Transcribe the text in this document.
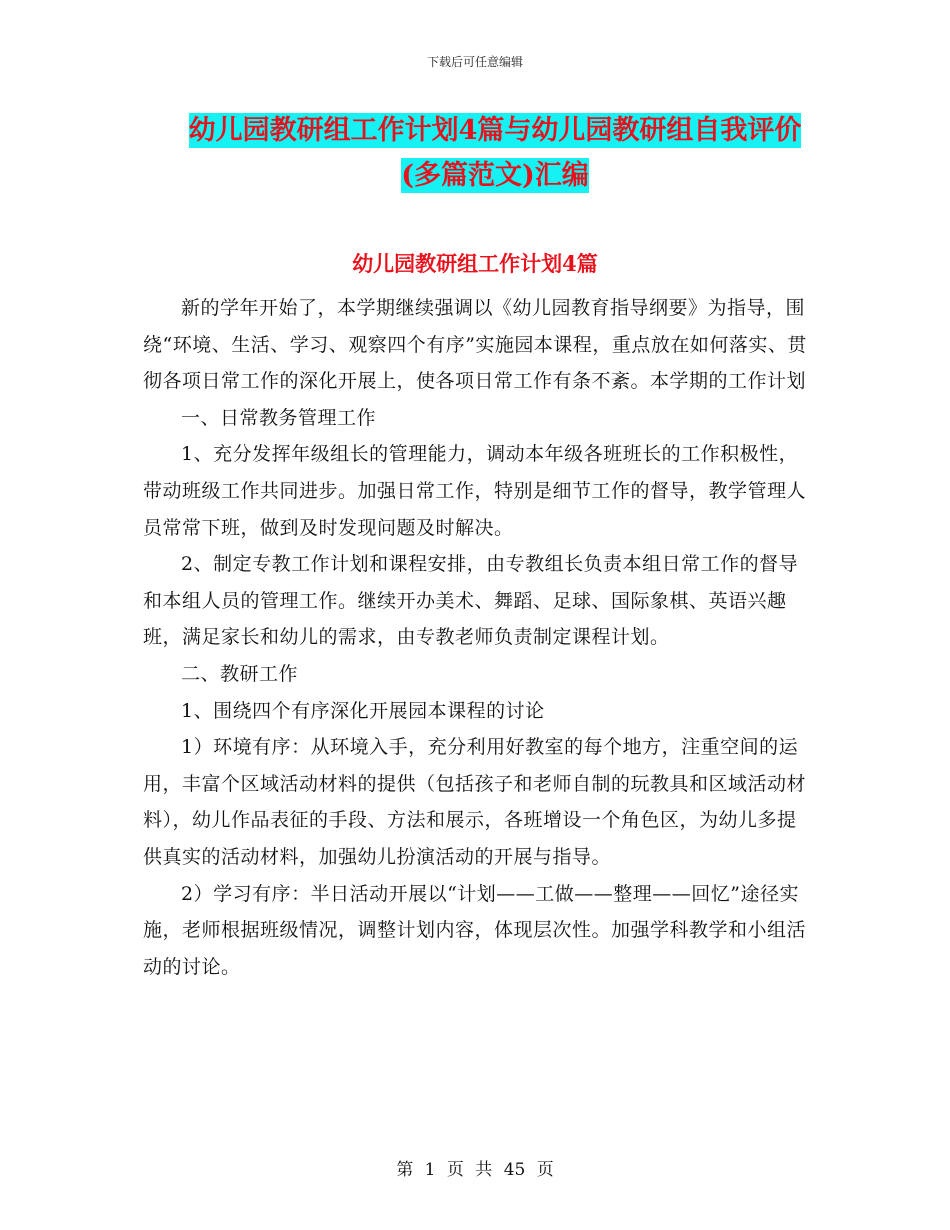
下载后可任意编辑
幼儿园教研组工作计划4篇与幼儿园教研组自我评价
(多篇范文)汇编
幼儿园教研组工作计划4篇

新的学年开始了，本学期继续强调以《幼儿园教育指导纲要》为指导，围绕“环境、生活、学习、观察四个有序”实施园本课程，重点放在如何落实、贯彻各项日常工作的深化开展上，使各项日常工作有条不紊。本学期的工作计划

一、日常教务管理工作

1、充分发挥年级组长的管理能力，调动本年级各班班长的工作积极性，带动班级工作共同进步。加强日常工作，特别是细节工作的督导，教学管理人员常常下班，做到及时发现问题及时解决。

2、制定专教工作计划和课程安排，由专教组长负责本组日常工作的督导和本组人员的管理工作。继续开办美术、舞蹈、足球、国际象棋、英语兴趣班，满足家长和幼儿的需求，由专教老师负责制定课程计划。

二、教研工作

1、围绕四个有序深化开展园本课程的讨论

1）环境有序：从环境入手，充分利用好教室的每个地方，注重空间的运用，丰富个区域活动材料的提供（包括孩子和老师自制的玩教具和区域活动材料），幼儿作品表征的手段、方法和展示，各班增设一个角色区，为幼儿多提供真实的活动材料，加强幼儿扮演活动的开展与指导。

2）学习有序：半日活动开展以“计划——工做——整理——回忆”途径实施，老师根据班级情况，调整计划内容，体现层次性。加强学科教学和小组活动的讨论。

第 1 页 共 45 页
